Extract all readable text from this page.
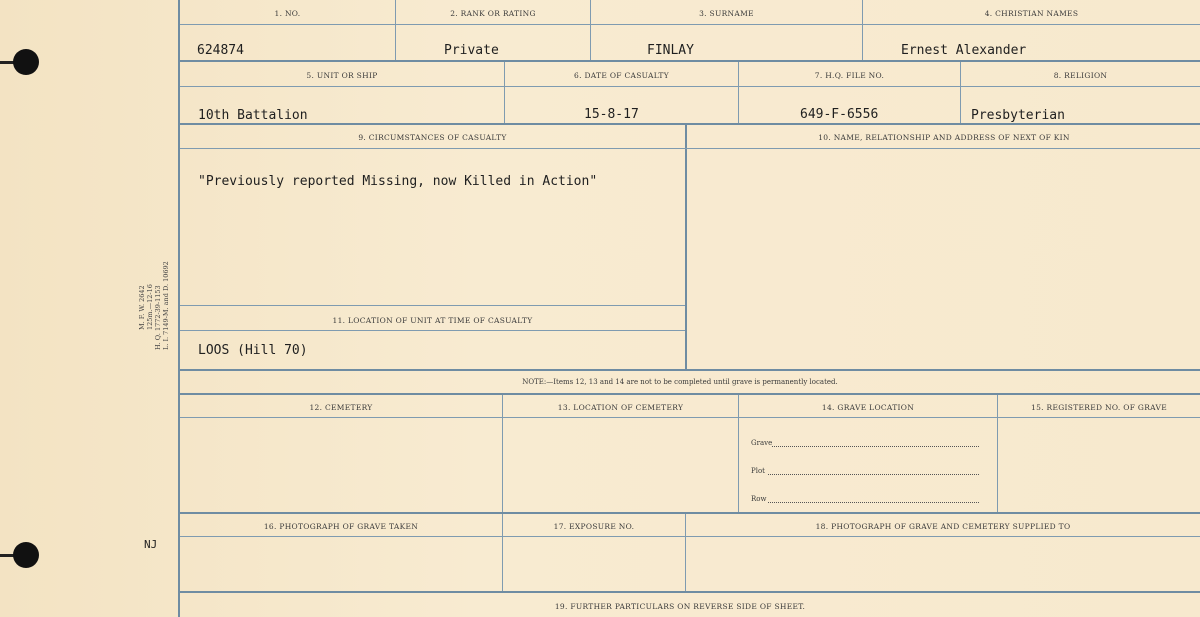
M. F. W. 2642 125m.—12-16 H. Q. 1772-39-1153 L. I. 7149-M. and D. 10692
NJ
1. NO.	2. RANK OR RATING	3. SURNAME	4. CHRISTIAN NAMES
624874	Private	FINLAY	Ernest Alexander
5. UNIT OR SHIP	6. DATE OF CASUALTY	7. H.Q. FILE NO.	8. RELIGION
10th Battalion	15-8-17	649-F-6556	Presbyterian
9. CIRCUMSTANCES OF CASUALTY	10. NAME, RELATIONSHIP AND ADDRESS OF NEXT OF KIN
"Previously reported Missing, now Killed in Action"
11. LOCATION OF UNIT AT TIME OF CASUALTY
LOOS (Hill 70)
NOTE:—Items 12, 13 and 14 are not to be completed until grave is permanently located.
12. CEMETERY	13. LOCATION OF CEMETERY	14. GRAVE LOCATION	15. REGISTERED NO. OF GRAVE
Grave
Plot
Row
16. PHOTOGRAPH OF GRAVE TAKEN	17. EXPOSURE NO.	18. PHOTOGRAPH OF GRAVE AND CEMETERY SUPPLIED TO
19. FURTHER PARTICULARS ON REVERSE SIDE OF SHEET.
